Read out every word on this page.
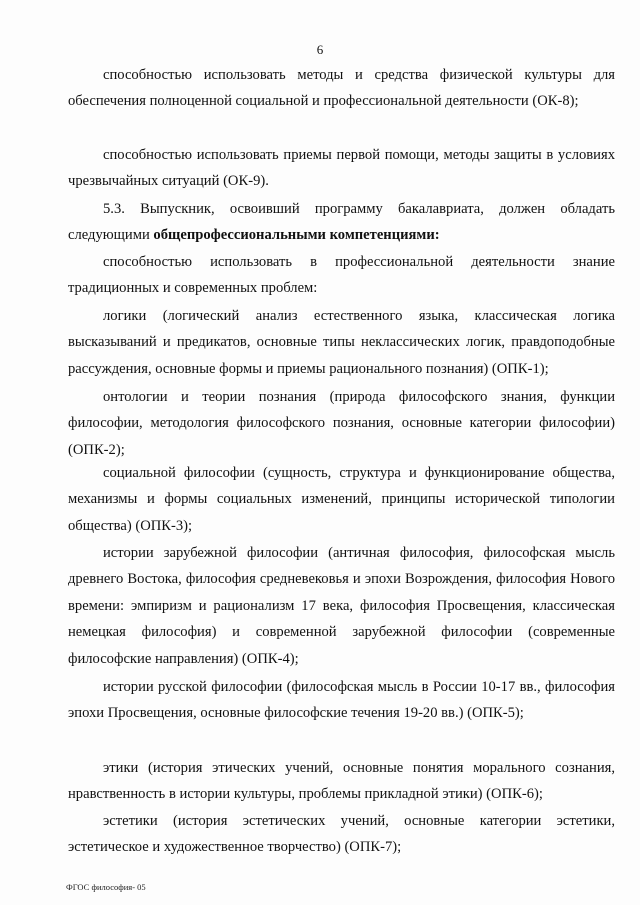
6

способностью использовать методы и средства физической культуры для обеспечения полноценной социальной и профессиональной деятельности (ОК-8);

способностью использовать приемы первой помощи, методы защиты в условиях чрезвычайных ситуаций (ОК-9).

5.3. Выпускник, освоивший программу бакалавриата, должен обладать следующими общепрофессиональными компетенциями:

способностью использовать в профессиональной деятельности знание традиционных и современных проблем:

логики (логический анализ естественного языка, классическая логика высказываний и предикатов, основные типы неклассических логик, правдоподобные рассуждения, основные формы и приемы рационального познания) (ОПК-1);

онтологии и теории познания (природа философского знания, функции философии, методология философского познания, основные категории философии) (ОПК-2);

социальной философии (сущность, структура и функционирование общества, механизмы и формы социальных изменений, принципы исторической типологии общества) (ОПК-3);

истории зарубежной философии (античная философия, философская мысль древнего Востока, философия средневековья и эпохи Возрождения, философия Нового времени: эмпиризм и рационализм 17 века, философия Просвещения, классическая немецкая философия) и современной зарубежной философии (современные философские направления) (ОПК-4);

истории русской философии (философская мысль в России 10-17 вв., философия эпохи Просвещения, основные философские течения 19-20 вв.) (ОПК-5);

этики (история этических учений, основные понятия морального сознания, нравственность в истории культуры, проблемы прикладной этики) (ОПК-6);

эстетики (история эстетических учений, основные категории эстетики, эстетическое и художественное творчество) (ОПК-7);

ФГОС философия- 05
